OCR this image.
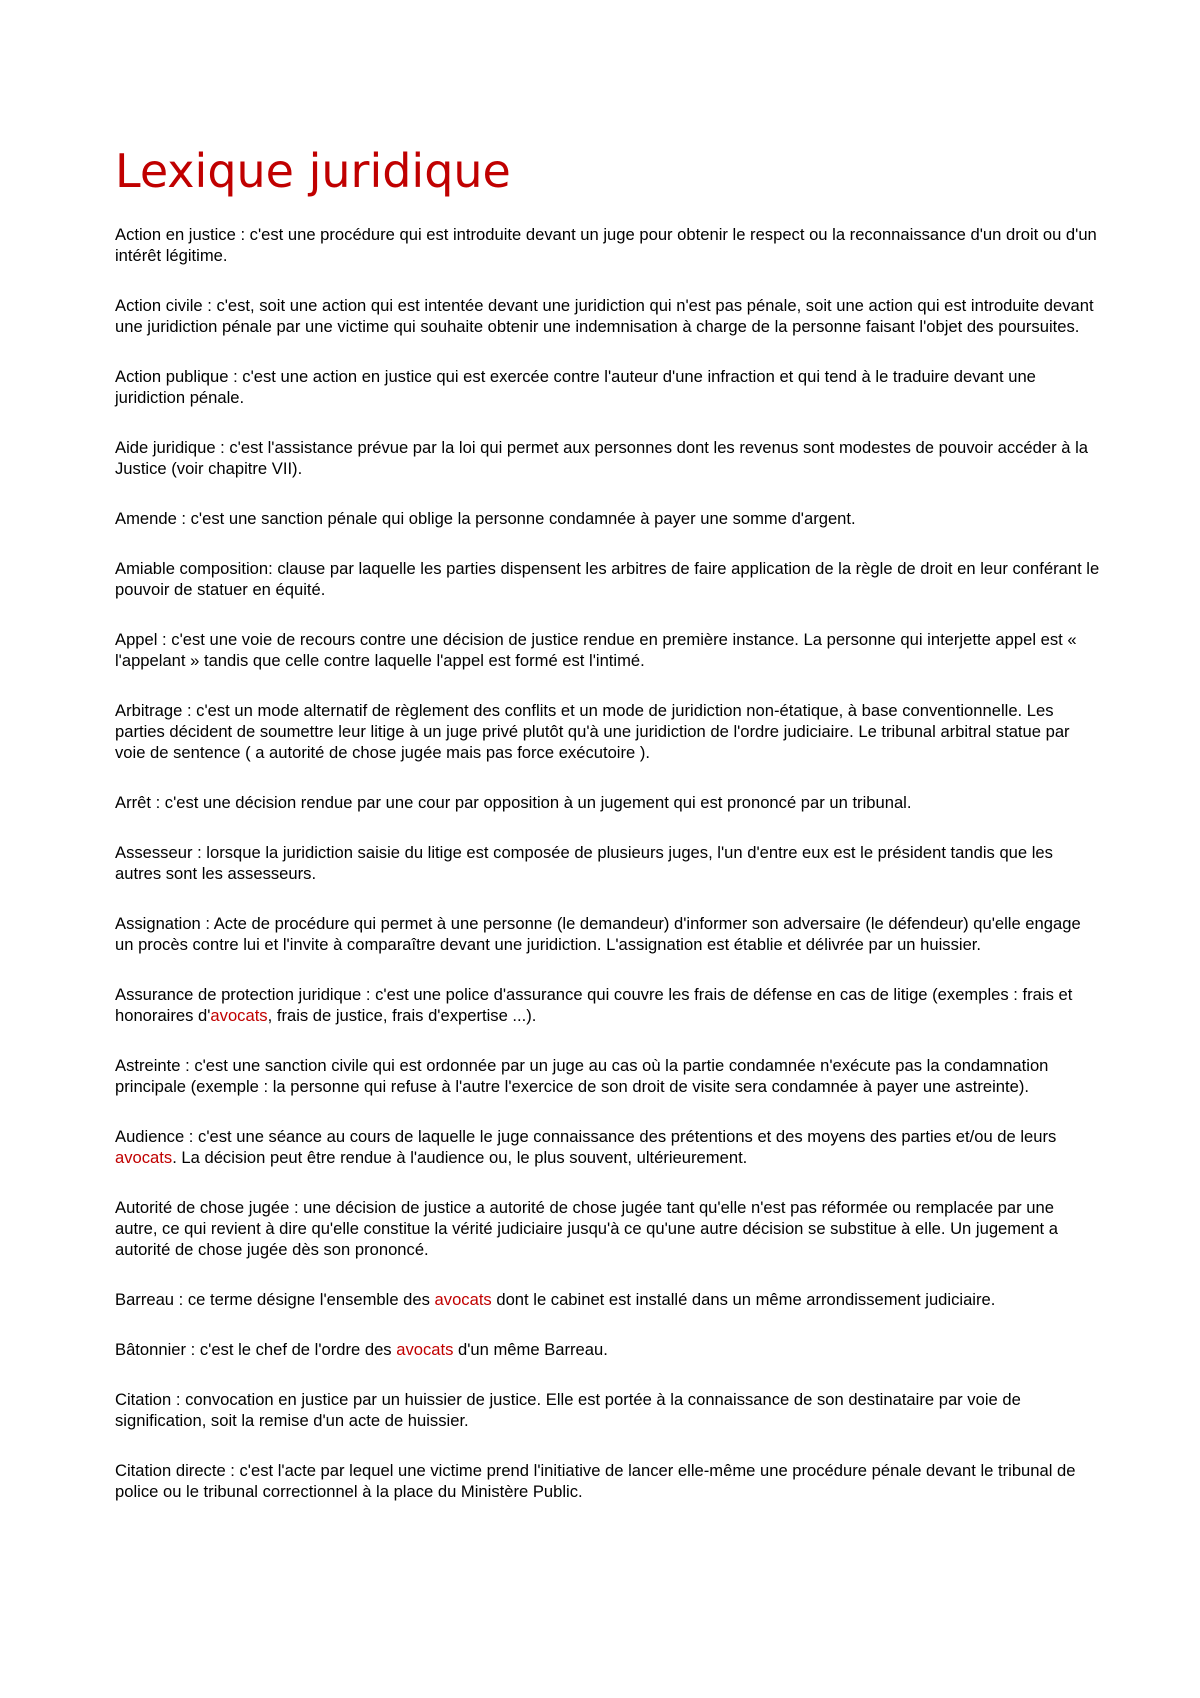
Lexique juridique

Action en justice : c'est une procédure qui est introduite devant un juge pour obtenir le respect ou la reconnaissance d'un droit ou d'un intérêt légitime.

Action civile : c'est, soit une action qui est intentée devant une juridiction qui n'est pas pénale, soit une action qui est introduite devant une juridiction pénale par une victime qui souhaite obtenir une indemnisation à charge de la personne faisant l'objet des poursuites.

Action publique : c'est une action en justice qui est exercée contre l'auteur d'une infraction et qui tend à le traduire devant une juridiction pénale.

Aide juridique : c'est l'assistance prévue par la loi qui permet aux personnes dont les revenus sont modestes de pouvoir accéder à la Justice (voir chapitre VII).

Amende : c'est une sanction pénale qui oblige la personne condamnée à payer une somme d'argent.

Amiable composition: clause par laquelle les parties dispensent les arbitres de faire application de la règle de droit en leur conférant le pouvoir de statuer en équité.

Appel : c'est une voie de recours contre une décision de justice rendue en première instance. La personne qui interjette appel est « l'appelant » tandis que celle contre laquelle l'appel est formé est l'intimé.

Arbitrage : c'est un mode alternatif de règlement des conflits et un mode de juridiction non-étatique, à base conventionnelle. Les parties décident de soumettre leur litige à un juge privé plutôt qu'à une juridiction de l'ordre judiciaire. Le tribunal arbitral statue par voie de sentence ( a autorité de chose jugée mais pas force exécutoire ).

Arrêt : c'est une décision rendue par une cour par opposition à un jugement qui est prononcé par un tribunal.

Assesseur : lorsque la juridiction saisie du litige est composée de plusieurs juges, l'un d'entre eux est le président tandis que les autres sont les assesseurs.

Assignation : Acte de procédure qui permet à une personne (le demandeur) d'informer son adversaire (le défendeur) qu'elle engage un procès contre lui et l'invite à comparaître devant une juridiction. L'assignation est établie et délivrée par un huissier.

Assurance de protection juridique : c'est une police d'assurance qui couvre les frais de défense en cas de litige (exemples : frais et honoraires d'avocats, frais de justice, frais d'expertise ...).

Astreinte : c'est une sanction civile qui est ordonnée par un juge au cas où la partie condamnée n'exécute pas la condamnation principale (exemple : la personne qui refuse à l'autre l'exercice de son droit de visite sera condamnée à payer une astreinte).

Audience : c'est une séance au cours de laquelle le juge connaissance des prétentions et des moyens des parties et/ou de leurs avocats. La décision peut être rendue à l'audience ou, le plus souvent, ultérieurement.

Autorité de chose jugée : une décision de justice a autorité de chose jugée tant qu'elle n'est pas réformée ou remplacée par une autre, ce qui revient à dire qu'elle constitue la vérité judiciaire jusqu'à ce qu'une autre décision se substitue à elle. Un jugement a autorité de chose jugée dès son prononcé.

Barreau : ce terme désigne l'ensemble des avocats dont le cabinet est installé dans un même arrondissement judiciaire.

Bâtonnier : c'est le chef de l'ordre des avocats d'un même Barreau.

Citation : convocation en justice par un huissier de justice. Elle est portée à la connaissance de son destinataire par voie de signification, soit la remise d'un acte de huissier.

Citation directe : c'est l'acte par lequel une victime prend l'initiative de lancer elle-même une procédure pénale devant le tribunal de police ou le tribunal correctionnel à la place du Ministère Public.
